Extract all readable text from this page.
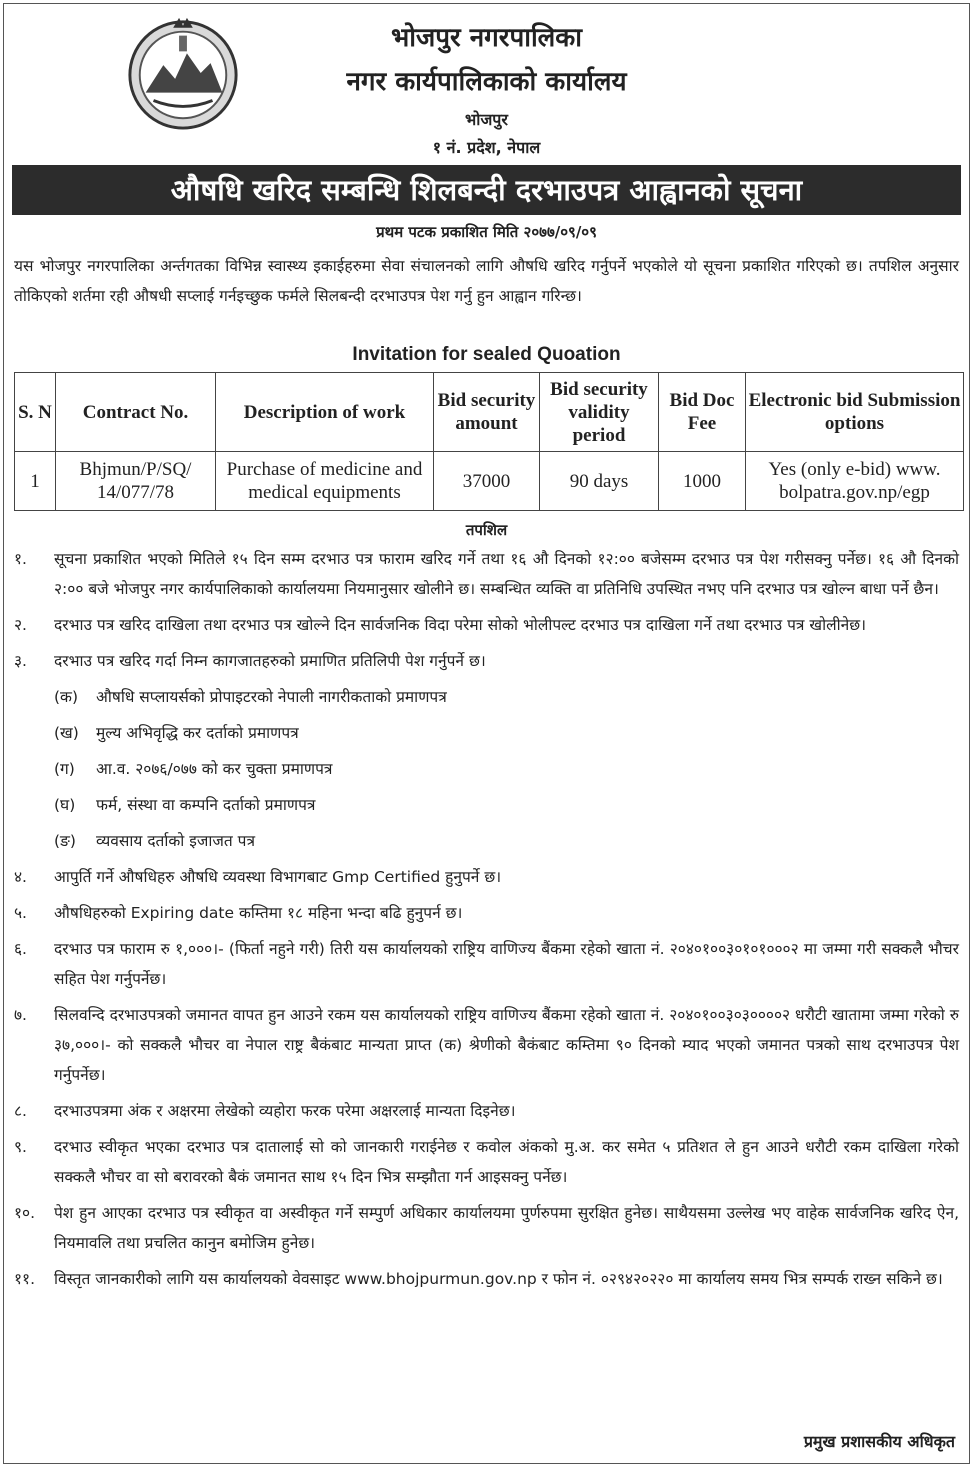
भोजपुर नगरपालिका
नगर कार्यपालिकाको कार्यालय
भोजपुर
१ नं. प्रदेश, नेपाल
औषधि खरिद सम्बन्धि शिलबन्दी दरभाउपत्र आह्वानको सूचना
प्रथम पटक प्रकाशित मिति २०७७/०९/०९
यस भोजपुर नगरपालिका अर्न्तगतका विभिन्न स्वास्थ्य इकाईहरुमा सेवा संचालनको लागि औषधि खरिद गर्नुपर्ने भएकोले यो सूचना प्रकाशित गरिएको छ। तपशिल अनुसार तोकिएको शर्तमा रही औषधी सप्लाई गर्नइच्छुक फर्मले सिलबन्दी दरभाउपत्र पेश गर्नु हुन आह्वान गरिन्छ।
Invitation for sealed Quoation
S. N	Contract No.	Description of work	Bid security amount	Bid security validity period	Bid Doc Fee	Electronic bid Submission options
1	Bhjmun/P/SQ/ 14/077/78	Purchase of medicine and medical equipments	37000	90 days	1000	Yes (only e-bid) www. bolpatra.gov.np/egp
तपशिल
१.	सूचना प्रकाशित भएको मितिले १५ दिन सम्म दरभाउ पत्र फाराम खरिद गर्ने तथा १६ औ दिनको १२:०० बजेसम्म दरभाउ पत्र पेश गरीसक्नु पर्नेछ। १६ औ दिनको २:०० बजे भोजपुर नगर कार्यपालिकाको कार्यालयमा नियमानुसार खोलीने छ। सम्बन्धित व्यक्ति वा प्रतिनिधि उपस्थित नभए पनि दरभाउ पत्र खोल्न बाधा पर्ने छैन।
२.	दरभाउ पत्र खरिद दाखिला तथा दरभाउ पत्र खोल्ने दिन सार्वजनिक विदा परेमा सोको भोलीपल्ट दरभाउ पत्र दाखिला गर्ने तथा दरभाउ पत्र खोलीनेछ।
३.	दरभाउ पत्र खरिद गर्दा निम्न कागजातहरुको प्रमाणित प्रतिलिपी पेश गर्नुपर्ने छ।
(क)	औषधि सप्लायर्सको प्रोपाइटरको नेपाली नागरीकताको प्रमाणपत्र
(ख)	मुल्य अभिवृद्धि कर दर्ताको प्रमाणपत्र
(ग)	आ.व. २०७६/०७७ को कर चुक्ता प्रमाणपत्र
(घ)	फर्म, संस्था वा कम्पनि दर्ताको प्रमाणपत्र
(ङ)	व्यवसाय दर्ताको इजाजत पत्र
४.	आपुर्ति गर्ने औषधिहरु औषधि व्यवस्था विभागबाट Gmp Certified हुनुपर्ने छ।
५.	औषधिहरुको Expiring date कम्तिमा १८ महिना भन्दा बढि हुनुपर्न छ।
६.	दरभाउ पत्र फाराम रु १,०००।- (फिर्ता नहुने गरी) तिरी यस कार्यालयको राष्ट्रिय वाणिज्य बैंकमा रहेको खाता नं. २०४०१००३०१०१०००२ मा जम्मा गरी सक्कलै भौचर सहित पेश गर्नुपर्नेछ।
७.	सिलवन्दि दरभाउपत्रको जमानत वापत हुन आउने रकम यस कार्यालयको राष्ट्रिय वाणिज्य बैंकमा रहेको खाता नं. २०४०१००३०३००००२ धरौटी खातामा जम्मा गरेको रु ३७,०००।- को सक्कलै भौचर वा नेपाल राष्ट्र बैकंबाट मान्यता प्राप्त (क) श्रेणीको बैकंबाट कम्तिमा ९० दिनको म्याद भएको जमानत पत्रको साथ दरभाउपत्र पेश गर्नुपर्नेछ।
८.	दरभाउपत्रमा अंक र अक्षरमा लेखेको व्यहोरा फरक परेमा अक्षरलाई मान्यता दिइनेछ।
९.	दरभाउ स्वीकृत भएका दरभाउ पत्र दातालाई सो को जानकारी गराईनेछ र कवोल अंकको मु.अ. कर समेत ५ प्रतिशत ले हुन आउने धरौटी रकम दाखिला गरेको सक्कलै भौचर वा सो बरावरको बैकं जमानत साथ १५ दिन भित्र सम्झौता गर्न आइसक्नु पर्नेछ।
१०.	पेश हुन आएका दरभाउ पत्र स्वीकृत वा अस्वीकृत गर्ने सम्पुर्ण अधिकार कार्यालयमा पुर्णरुपमा सुरक्षित हुनेछ। साथैयसमा उल्लेख भए वाहेक सार्वजनिक खरिद ऐन, नियमावलि तथा प्रचलित कानुन बमोजिम हुनेछ।
११.	विस्तृत जानकारीको लागि यस कार्यालयको वेवसाइट www.bhojpurmun.gov.np र फोन नं. ०२९४२०२२० मा कार्यालय समय भित्र सम्पर्क राख्न सकिने छ।
प्रमुख प्रशासकीय अधिकृत
